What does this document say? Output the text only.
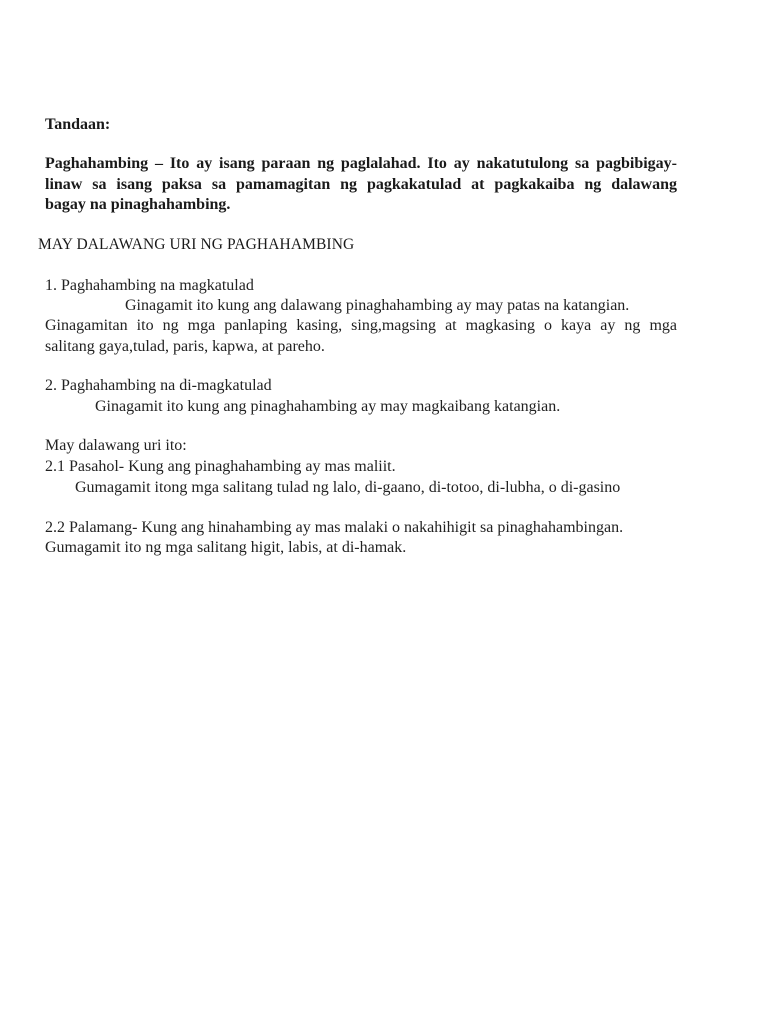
Tandaan:
Paghahambing – Ito ay isang paraan ng paglalahad. Ito ay nakatutulong sa pagbibigay-
linaw sa isang paksa sa pamamagitan ng pagkakatulad at pagkakaiba ng dalawang
bagay na pinaghahambing.
MAY DALAWANG URI NG PAGHAHAMBING
1. Paghahambing na magkatulad
Ginagamit ito kung ang dalawang pinaghahambing ay may patas na katangian.
Ginagamitan ito ng mga panlaping kasing, sing,magsing at magkasing o kaya ay ng mga
salitang gaya,tulad, paris, kapwa, at pareho.
2. Paghahambing na di-magkatulad
Ginagamit ito kung ang pinaghahambing ay may magkaibang katangian.
May dalawang uri ito:
2.1 Pasahol- Kung ang pinaghahambing ay mas maliit.
Gumagamit itong mga salitang tulad ng lalo, di-gaano, di-totoo, di-lubha, o di-gasino
2.2 Palamang- Kung ang hinahambing ay mas malaki o nakahihigit sa pinaghahambingan.
Gumagamit ito ng mga salitang higit, labis, at di-hamak.
